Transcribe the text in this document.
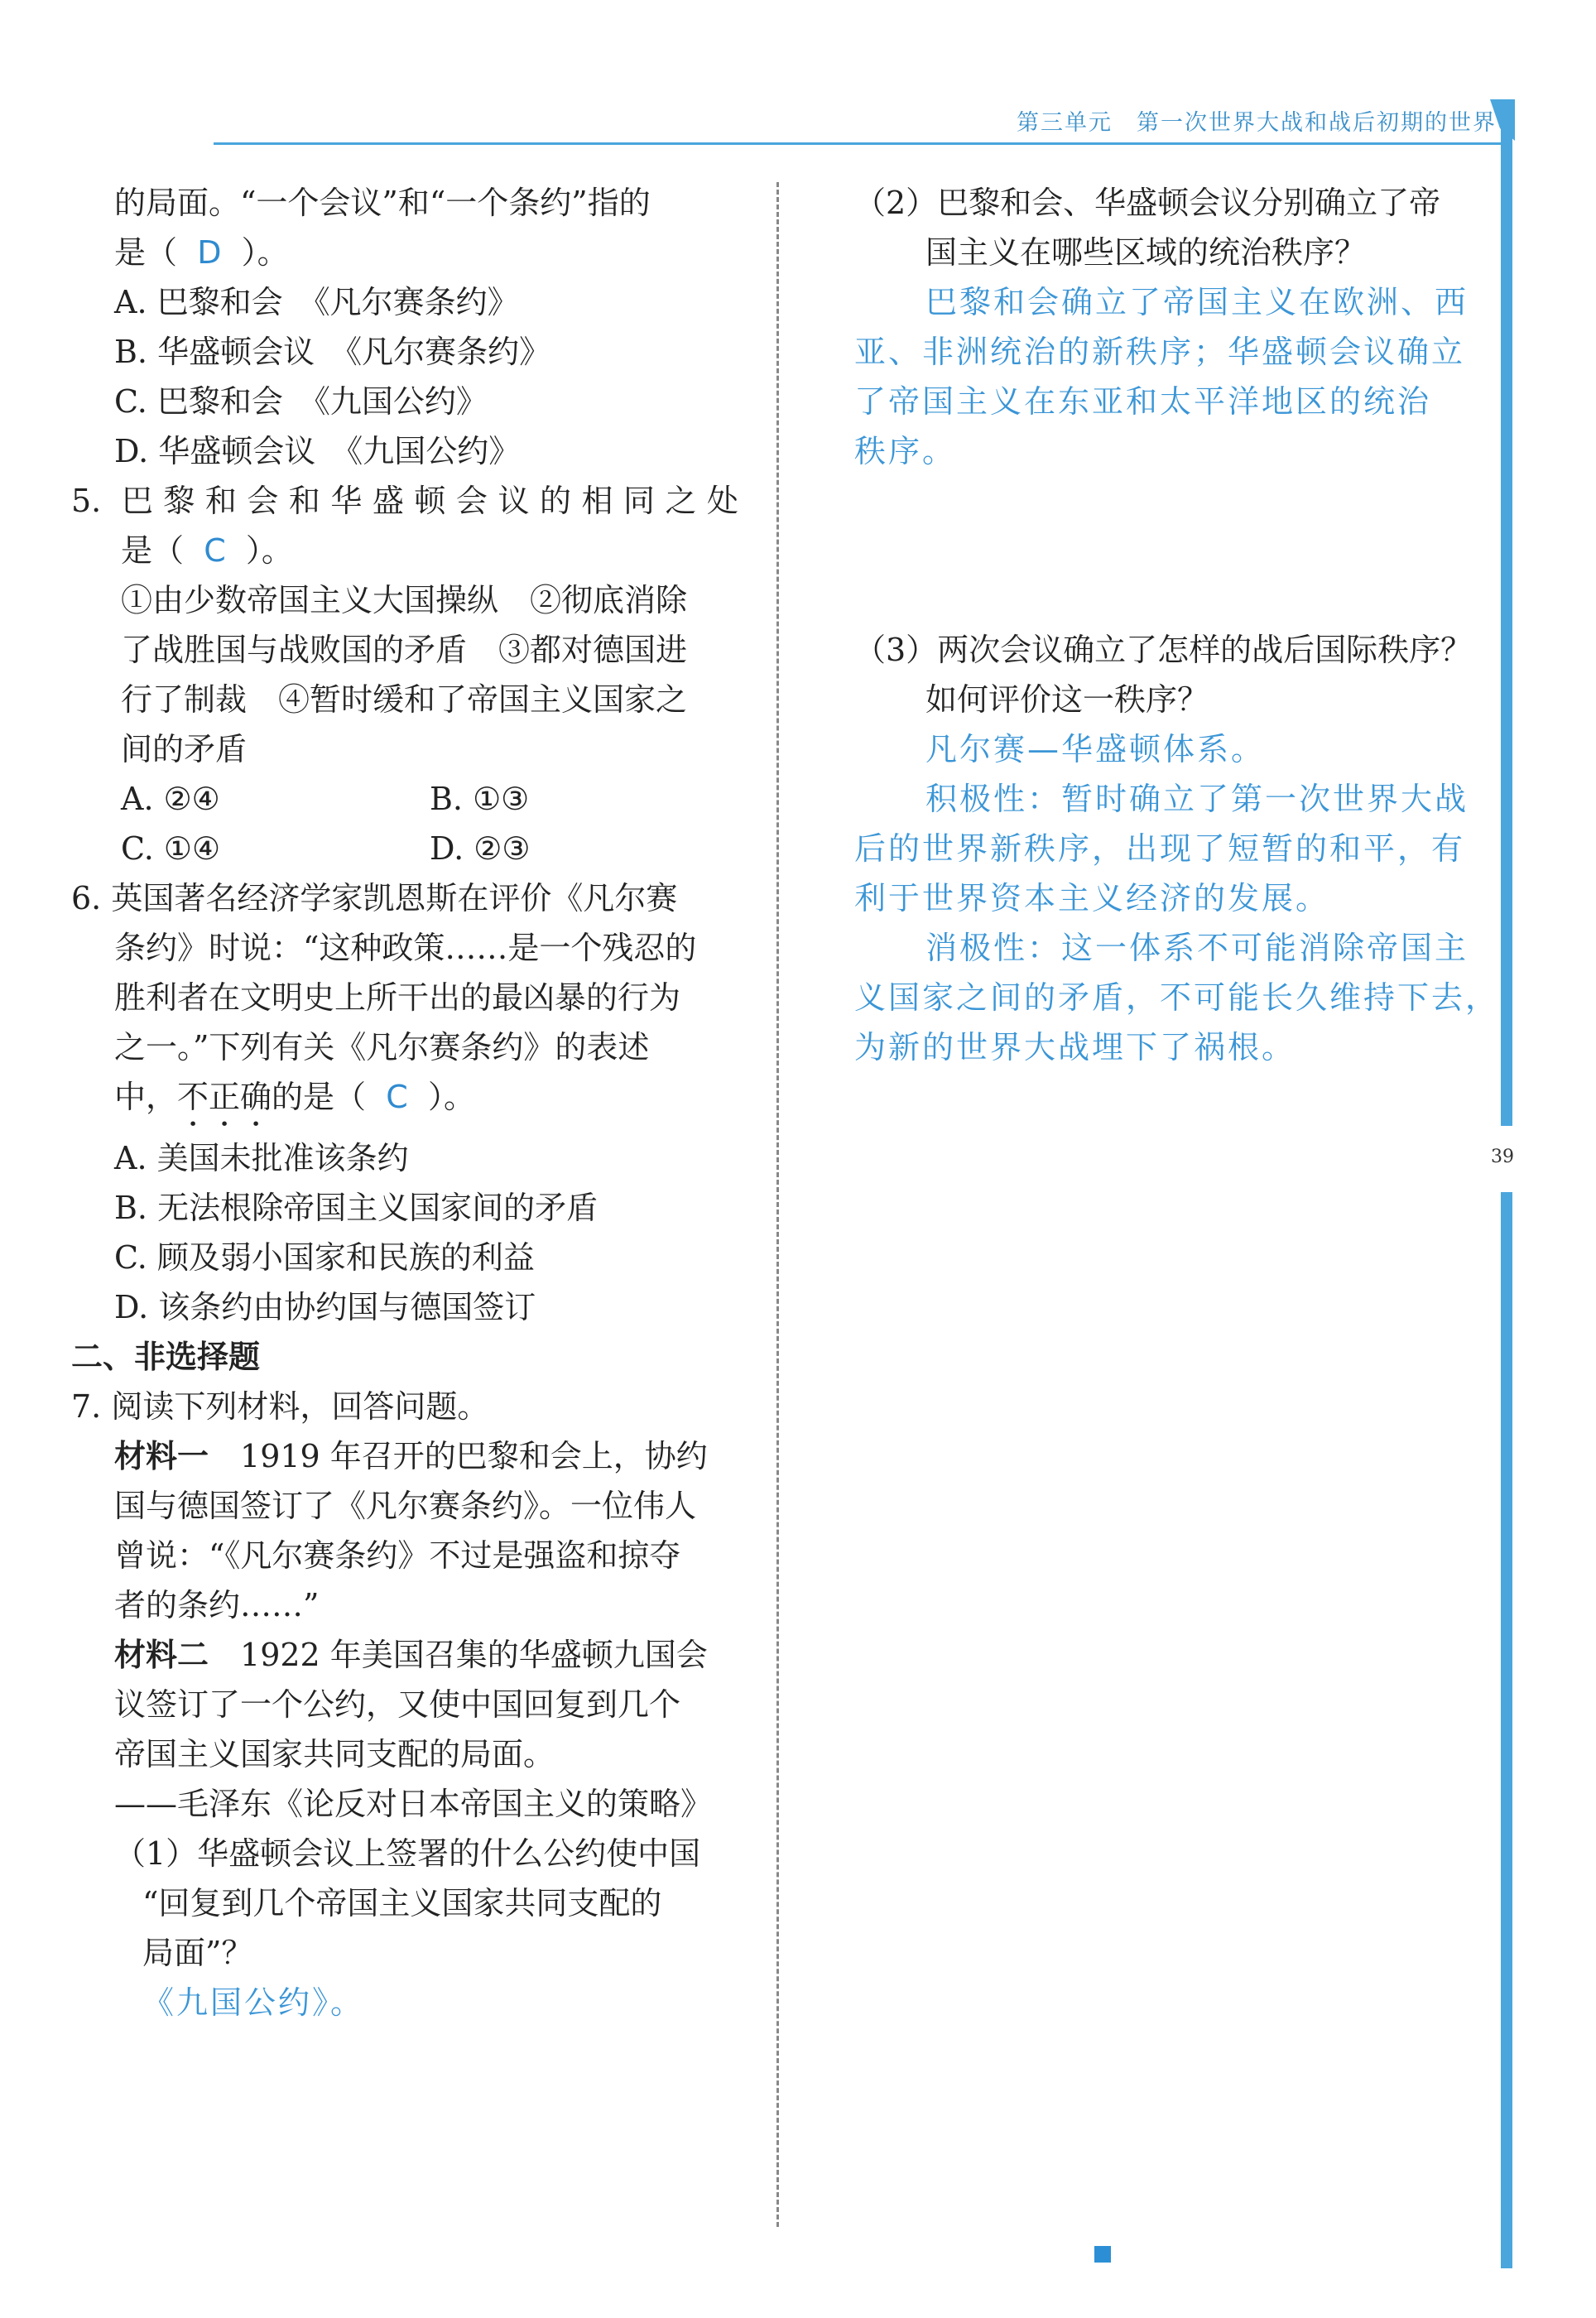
第三单元　第一次世界大战和战后初期的世界
39
的局面。“一个会议”和“一个条约”指的
是（ D ）。
A. 巴黎和会　《凡尔赛条约》
B. 华盛顿会议　《凡尔赛条约》
C. 巴黎和会　《九国公约》
D. 华盛顿会议　《九国公约》
5. 巴黎和会和华盛顿会议的相同之处
是（ C ）。
①由少数帝国主义大国操纵　②彻底消除
了战胜国与战败国的矛盾　③都对德国进
行了制裁　④暂时缓和了帝国主义国家之
间的矛盾
A. ②④	B. ①③
C. ①④	D. ②③
6. 英国著名经济学家凯恩斯在评价《凡尔赛
条约》时说：“这种政策……是一个残忍的
胜利者在文明史上所干出的最凶暴的行为
之一。”下列有关《凡尔赛条约》的表述
中，不正确的是（ C ）。
A. 美国未批准该条约
B. 无法根除帝国主义国家间的矛盾
C. 顾及弱小国家和民族的利益
D. 该条约由协约国与德国签订
二、非选择题
7. 阅读下列材料，回答问题。
材料一　1919 年召开的巴黎和会上，协约
国与德国签订了《凡尔赛条约》。一位伟人
曾说：“《凡尔赛条约》不过是强盗和掠夺
者的条约……”
材料二　1922 年美国召集的华盛顿九国会
议签订了一个公约，又使中国回复到几个
帝国主义国家共同支配的局面。
——毛泽东《论反对日本帝国主义的策略》
（1）华盛顿会议上签署的什么公约使中国
“回复到几个帝国主义国家共同支配的
局面”？
《九国公约》。
（2）巴黎和会、华盛顿会议分别确立了帝
国主义在哪些区域的统治秩序？
巴黎和会确立了帝国主义在欧洲、西
亚、非洲统治的新秩序；华盛顿会议确立
了帝国主义在东亚和太平洋地区的统治
秩序。
（3）两次会议确立了怎样的战后国际秩序？
如何评价这一秩序？
凡尔赛—华盛顿体系。
积极性：暂时确立了第一次世界大战
后的世界新秩序，出现了短暂的和平，有
利于世界资本主义经济的发展。
消极性：这一体系不可能消除帝国主
义国家之间的矛盾，不可能长久维持下去，
为新的世界大战埋下了祸根。
